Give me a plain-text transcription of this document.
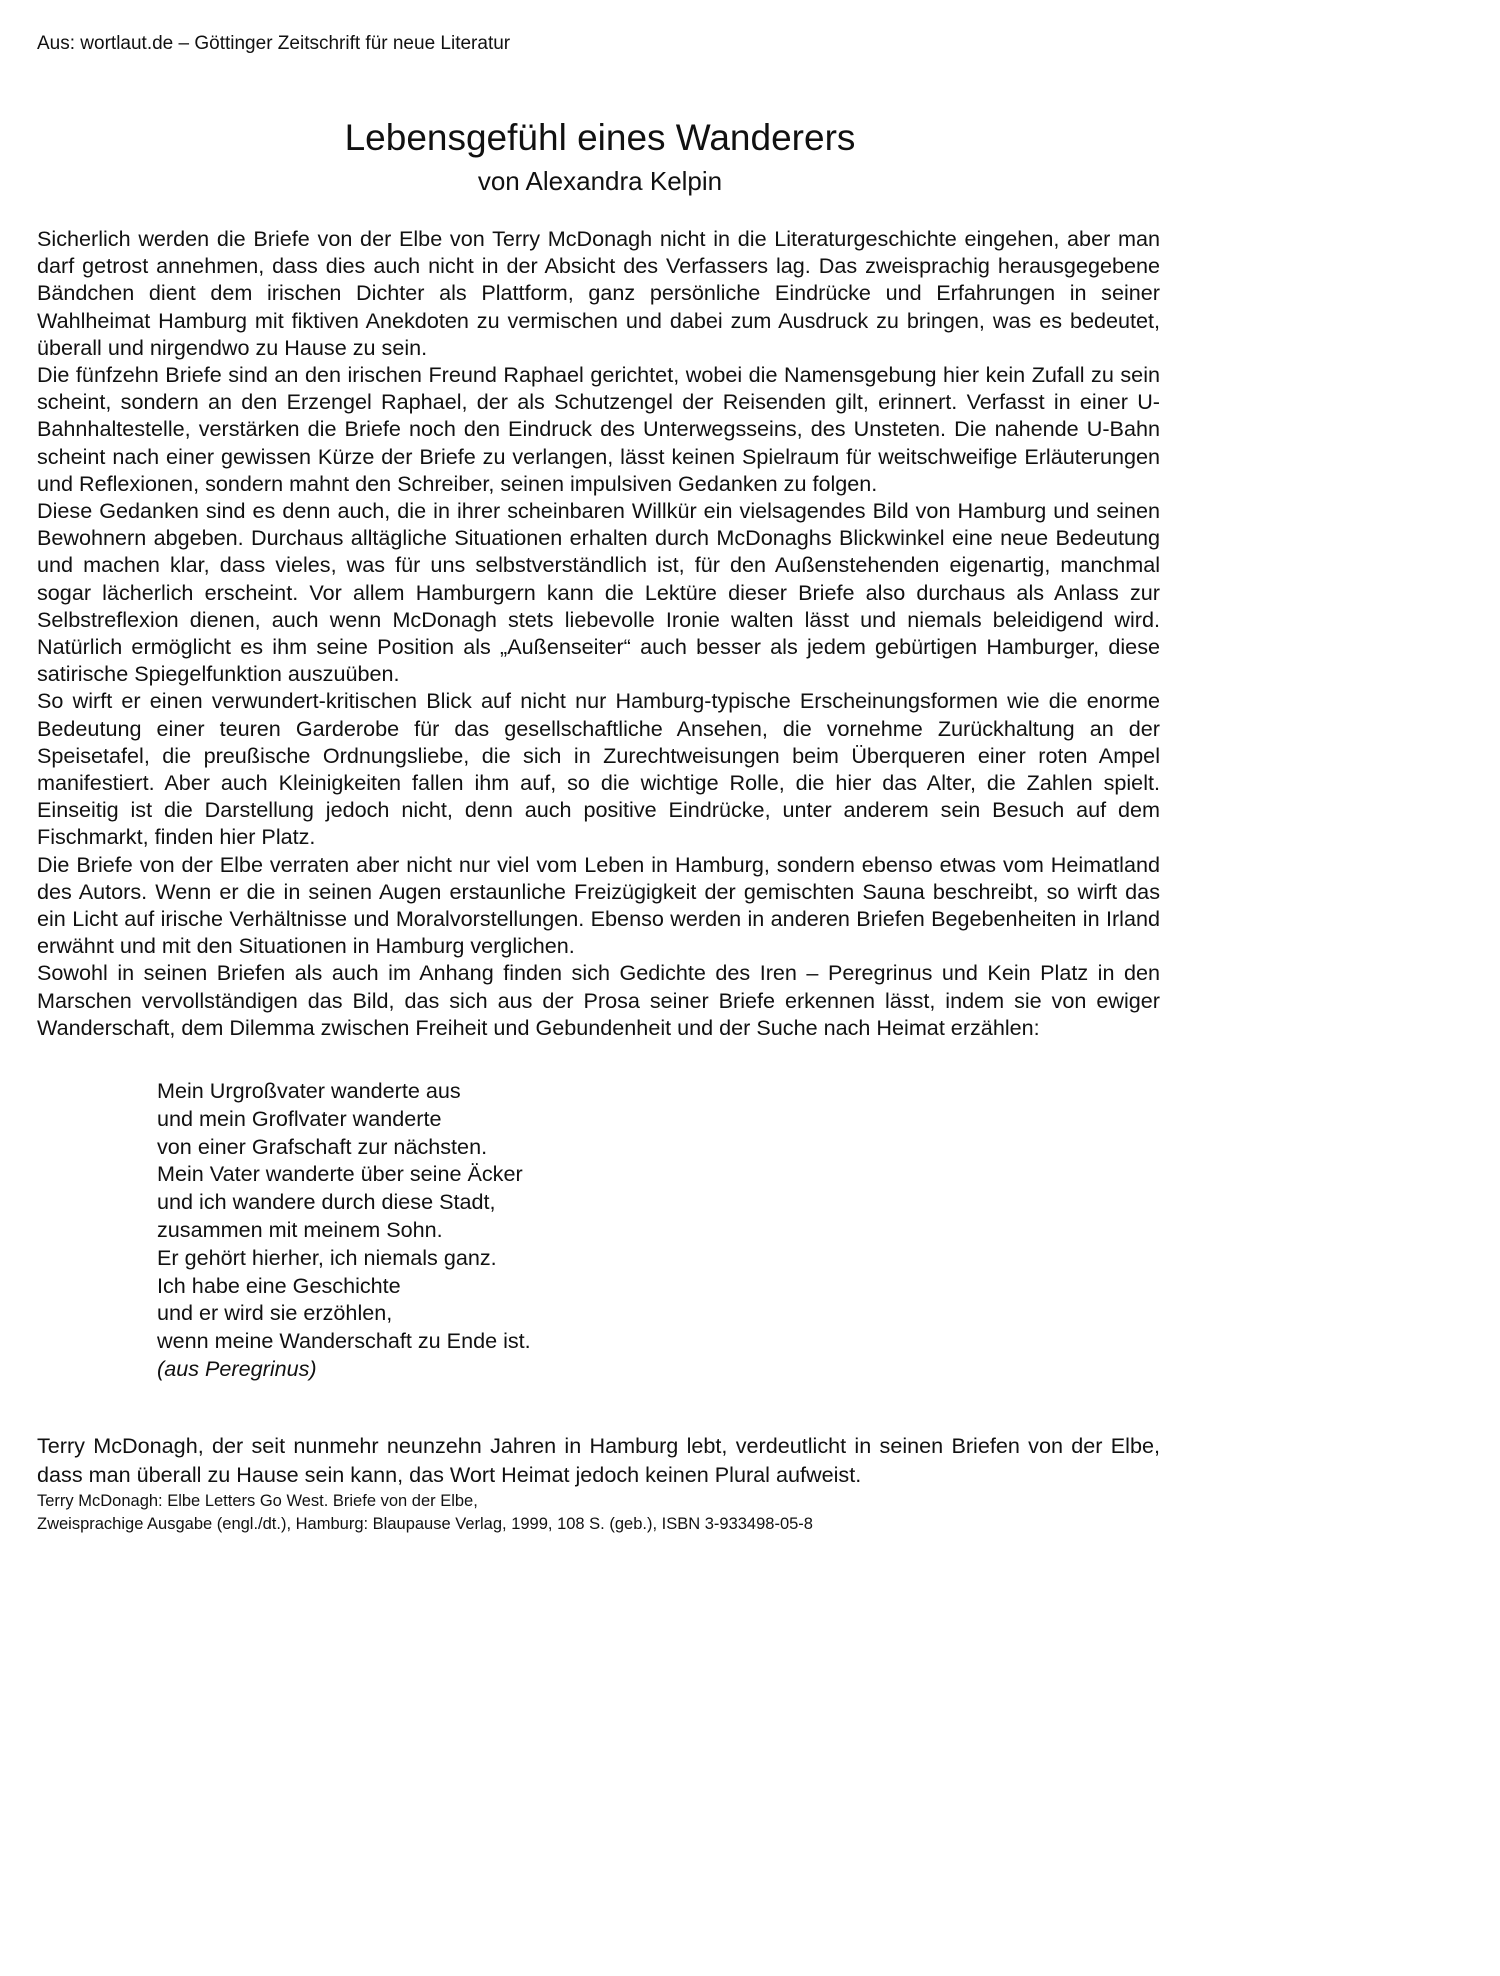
Aus: wortlaut.de – Göttinger Zeitschrift für neue Literatur
Lebensgefühl eines Wanderers
von Alexandra Kelpin

Sicherlich werden die Briefe von der Elbe von Terry McDonagh nicht in die Literaturgeschichte eingehen, aber man darf getrost annehmen, dass dies auch nicht in der Absicht des Verfassers lag. Das zweisprachig herausgegebene Bändchen dient dem irischen Dichter als Plattform, ganz persönliche Eindrücke und Erfahrungen in seiner Wahlheimat Hamburg mit fiktiven Anekdoten zu vermischen und dabei zum Ausdruck zu bringen, was es bedeutet, überall und nirgendwo zu Hause zu sein.

Die fünfzehn Briefe sind an den irischen Freund Raphael gerichtet, wobei die Namensgebung hier kein Zufall zu sein scheint, sondern an den Erzengel Raphael, der als Schutzengel der Reisenden gilt, erinnert. Verfasst in einer U-Bahnhaltestelle, verstärken die Briefe noch den Eindruck des Unterwegsseins, des Unsteten. Die nahende U-Bahn scheint nach einer gewissen Kürze der Briefe zu verlangen, lässt keinen Spielraum für weitschweifige Erläuterungen und Reflexionen, sondern mahnt den Schreiber, seinen impulsiven Gedanken zu folgen.

Diese Gedanken sind es denn auch, die in ihrer scheinbaren Willkür ein vielsagendes Bild von Hamburg und seinen Bewohnern abgeben. Durchaus alltägliche Situationen erhalten durch McDonaghs Blickwinkel eine neue Bedeutung und machen klar, dass vieles, was für uns selbstverständlich ist, für den Außenstehenden eigenartig, manchmal sogar lächerlich erscheint. Vor allem Hamburgern kann die Lektüre dieser Briefe also durchaus als Anlass zur Selbstreflexion dienen, auch wenn McDonagh stets liebevolle Ironie walten lässt und niemals beleidigend wird. Natürlich ermöglicht es ihm seine Position als „Außenseiter“ auch besser als jedem gebürtigen Hamburger, diese satirische Spiegelfunktion auszuüben.

So wirft er einen verwundert-kritischen Blick auf nicht nur Hamburg-typische Erscheinungsformen wie die enorme Bedeutung einer teuren Garderobe für das gesellschaftliche Ansehen, die vornehme Zurückhaltung an der Speisetafel, die preußische Ordnungsliebe, die sich in Zurechtweisungen beim Überqueren einer roten Ampel manifestiert. Aber auch Kleinigkeiten fallen ihm auf, so die wichtige Rolle, die hier das Alter, die Zahlen spielt. Einseitig ist die Darstellung jedoch nicht, denn auch positive Eindrücke, unter anderem sein Besuch auf dem Fischmarkt, finden hier Platz.

Die Briefe von der Elbe verraten aber nicht nur viel vom Leben in Hamburg, sondern ebenso etwas vom Heimatland des Autors. Wenn er die in seinen Augen erstaunliche Freizügigkeit der gemischten Sauna beschreibt, so wirft das ein Licht auf irische Verhältnisse und Moralvorstellungen. Ebenso werden in anderen Briefen Begebenheiten in Irland erwähnt und mit den Situationen in Hamburg verglichen.

Sowohl in seinen Briefen als auch im Anhang finden sich Gedichte des Iren – Peregrinus und Kein Platz in den Marschen vervollständigen das Bild, das sich aus der Prosa seiner Briefe erkennen lässt, indem sie von ewiger Wanderschaft, dem Dilemma zwischen Freiheit und Gebundenheit und der Suche nach Heimat erzählen:

Mein Urgroßvater wanderte aus
und mein Groflvater wanderte
von einer Grafschaft zur nächsten.
Mein Vater wanderte über seine Äcker
und ich wandere durch diese Stadt,
zusammen mit meinem Sohn.
Er gehört hierher, ich niemals ganz.
Ich habe eine Geschichte
und er wird sie erzöhlen,
wenn meine Wanderschaft zu Ende ist.
(aus Peregrinus)

Terry McDonagh, der seit nunmehr neunzehn Jahren in Hamburg lebt, verdeutlicht in seinen Briefen von der Elbe, dass man überall zu Hause sein kann, das Wort Heimat jedoch keinen Plural aufweist.

Terry McDonagh: Elbe Letters Go West. Briefe von der Elbe,
Zweisprachige Ausgabe (engl./dt.), Hamburg: Blaupause Verlag, 1999, 108 S. (geb.), ISBN 3-933498-05-8
